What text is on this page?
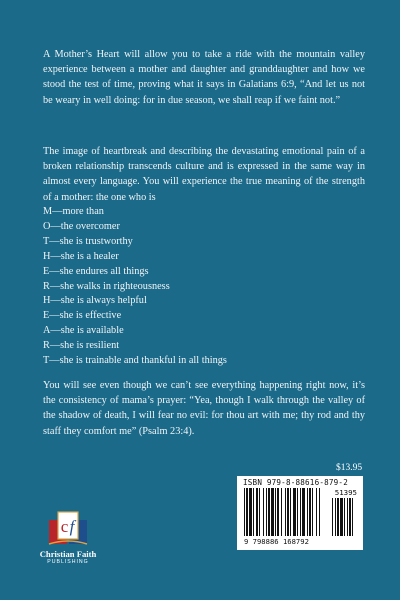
A Mother’s Heart will allow you to take a ride with the mountain valley experience between a mother and daughter and granddaughter and how we stood the test of time, proving what it says in Galatians 6:9, “And let us not be weary in well doing: for in due season, we shall reap if we faint not.”

The image of heartbreak and describing the devastating emotional pain of a broken relationship transcends culture and is expressed in the same way in almost every language. You will experience the true meaning of the strength of a mother: the one who is

M—more than
O—the overcomer
T—she is trustworthy
H—she is a healer
E—she endures all things
R—she walks in righteousness
H—she is always helpful
E—she is effective
A—she is available
R—she is resilient
T—she is trainable and thankful in all things

You will see even though we can’t see everything happening right now, it’s the consistency of mama’s prayer: “Yea, though I walk through the valley of the shadow of death, I will fear no evil: for thou art with me; thy rod and thy staff they comfort me” (Psalm 23:4).

$13.95
ISBN 979-8-88616-879-2
51395
9 798886 168792
c f
Christian Faith
PUBLISHING
